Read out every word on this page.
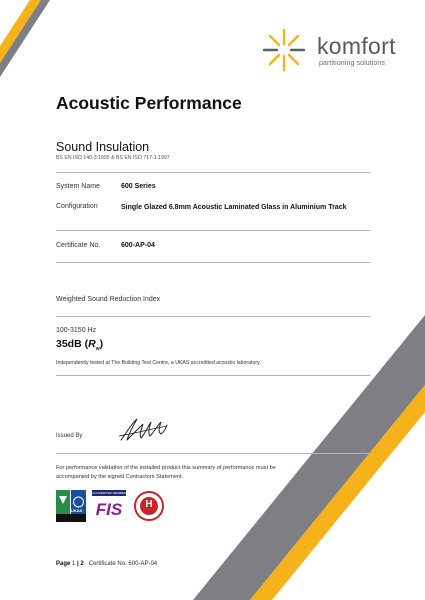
komfort
partitioning solutions
Acoustic Performance
Sound Insulation
BS EN ISO 140-3:1995 & BS EN ISO 717-1:1997
System Name	600 Series
Configuration	Single Glazed 6.8mm Acoustic Laminated Glass in Aluminium Track
Certificate No.	600-AP-04
Weighted Sound Reduction Index
100-3150 Hz
35dB $(R_w)$
Independently tested at The Building Test Centre, a UKAS accredited acoustic laboratory.
Issued By
For performance validation of the installed product this summary of performance must be
accompanied by the signed Contractors Statement.
UKAS
ACCREDITED MEMBER
FIS	H
Page 1 | 2 Certificate No. 600-AP-04
